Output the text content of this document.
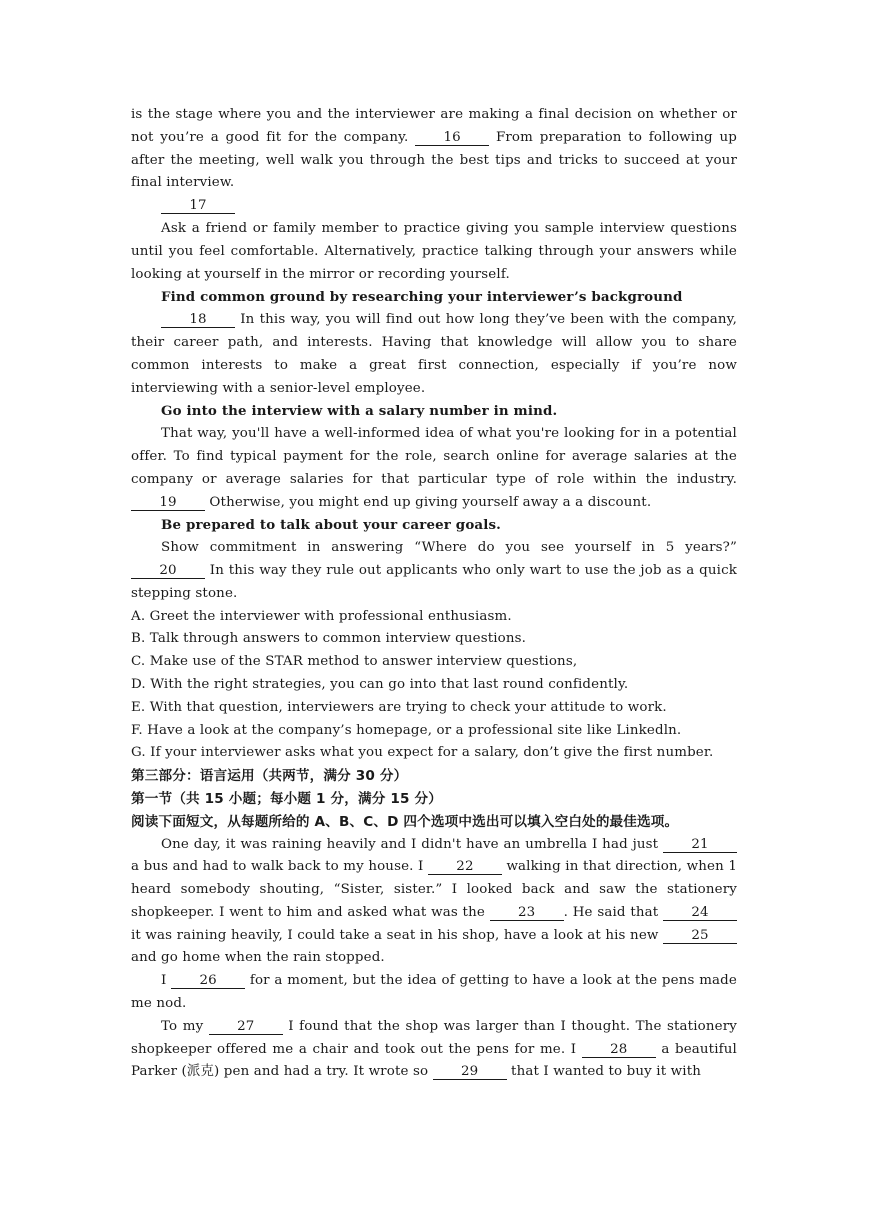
is the stage where you and the interviewer are making a final decision on whether or not you’re a good fit for the company.	16	From preparation to following up after the meeting, well walk you through the best tips and tricks to succeed at your final interview.

17

Ask a friend or family member to practice giving you sample interview questions until you feel comfortable. Alternatively, practice talking through your answers while looking at yourself in the mirror or recording yourself.

Find common ground by researching your interviewer’s background

18	In this way, you will find out how long they’ve been with the company, their career path, and interests. Having that knowledge will allow you to share common interests to make a great first connection, especially if you’re now interviewing with a senior-level employee.

Go into the interview with a salary number in mind.

That way, you'll have a well-informed idea of what you're looking for in a potential offer. To find typical payment for the role, search online for average salaries at the company or average salaries for that particular type of role within the industry. 19 Otherwise, you might end up giving yourself away a a discount.

Be prepared to talk about your career goals.

Show commitment in answering “Where do you see yourself in 5 years?” 20 In this way they rule out applicants who only wart to use the job as a quick stepping stone.

A. Greet the interviewer with professional enthusiasm.

B. Talk through answers to common interview questions.

C. Make use of the STAR method to answer interview questions,

D. With the right strategies, you can go into that last round confidently.

E. With that question, interviewers are trying to check your attitude to work.

F. Have a look at the company’s homepage, or a professional site like Linkedln.

G. If your interviewer asks what you expect for a salary, don’t give the first number.

第三部分：语言运用（共两节，满分 30 分）

第一节（共 15 小题；每小题 1 分，满分 15 分）

阅读下面短文，从每题所给的 A、B、C、D 四个选项中选出可以填入空白处的最佳选项。

One day, it was raining heavily and I didn't have an umbrella I had just 21 a bus and had to walk back to my house. I 22 walking in that direction, when 1 heard somebody shouting, “Sister, sister.” I looked back and saw the stationery shopkeeper. I went to him and asked what was the 23 . He said that 24 it was raining heavily, I could take a seat in his shop, have a look at his new 25 and go home when the rain stopped.

I 26 for a moment, but the idea of getting to have a look at the pens made me nod.

To my	27	I found that the shop was larger than I thought. The stationery shopkeeper offered me a chair and took out the pens for me. I	28	a beautiful Parker (派克) pen and had a try. It wrote so 29 that I wanted to buy it with
